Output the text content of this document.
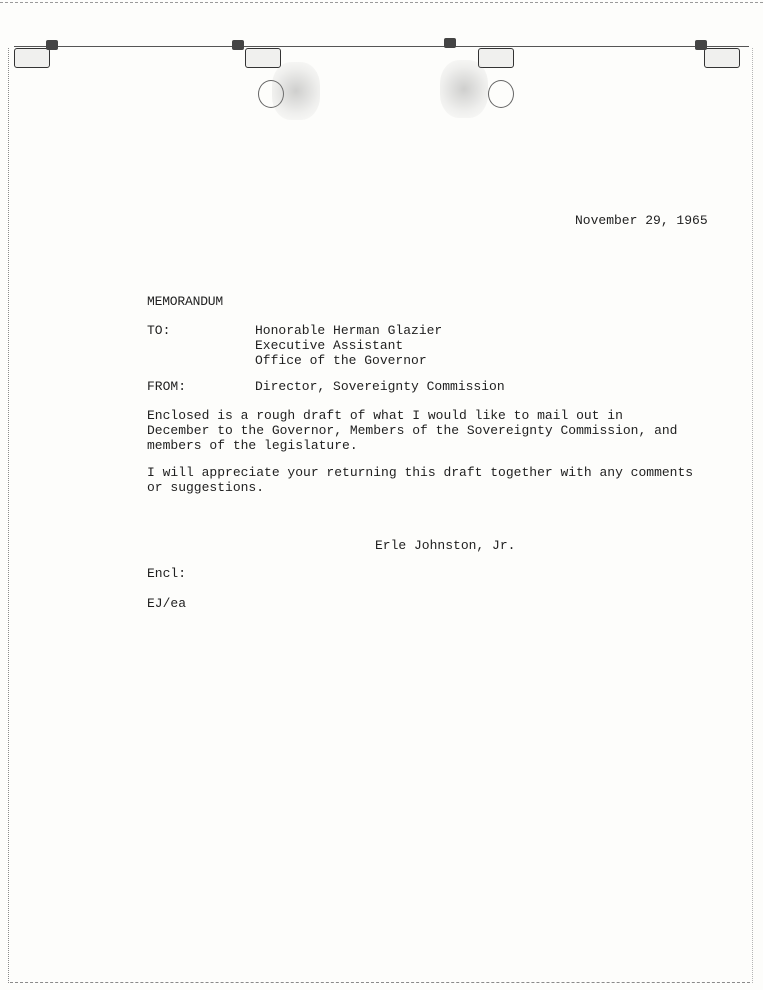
November 29, 1965

MEMORANDUM

TO:	Honorable Herman Glazier
Executive Assistant
Office of the Governor

FROM:	Director, Sovereignty Commission

Enclosed is a rough draft of what I would like to mail out in
December to the Governor, Members of the Sovereignty Commission, and
members of the legislature.
I will appreciate your returning this draft together with any comments
or suggestions.

Erle Johnston, Jr.

Encl:

EJ/ea
